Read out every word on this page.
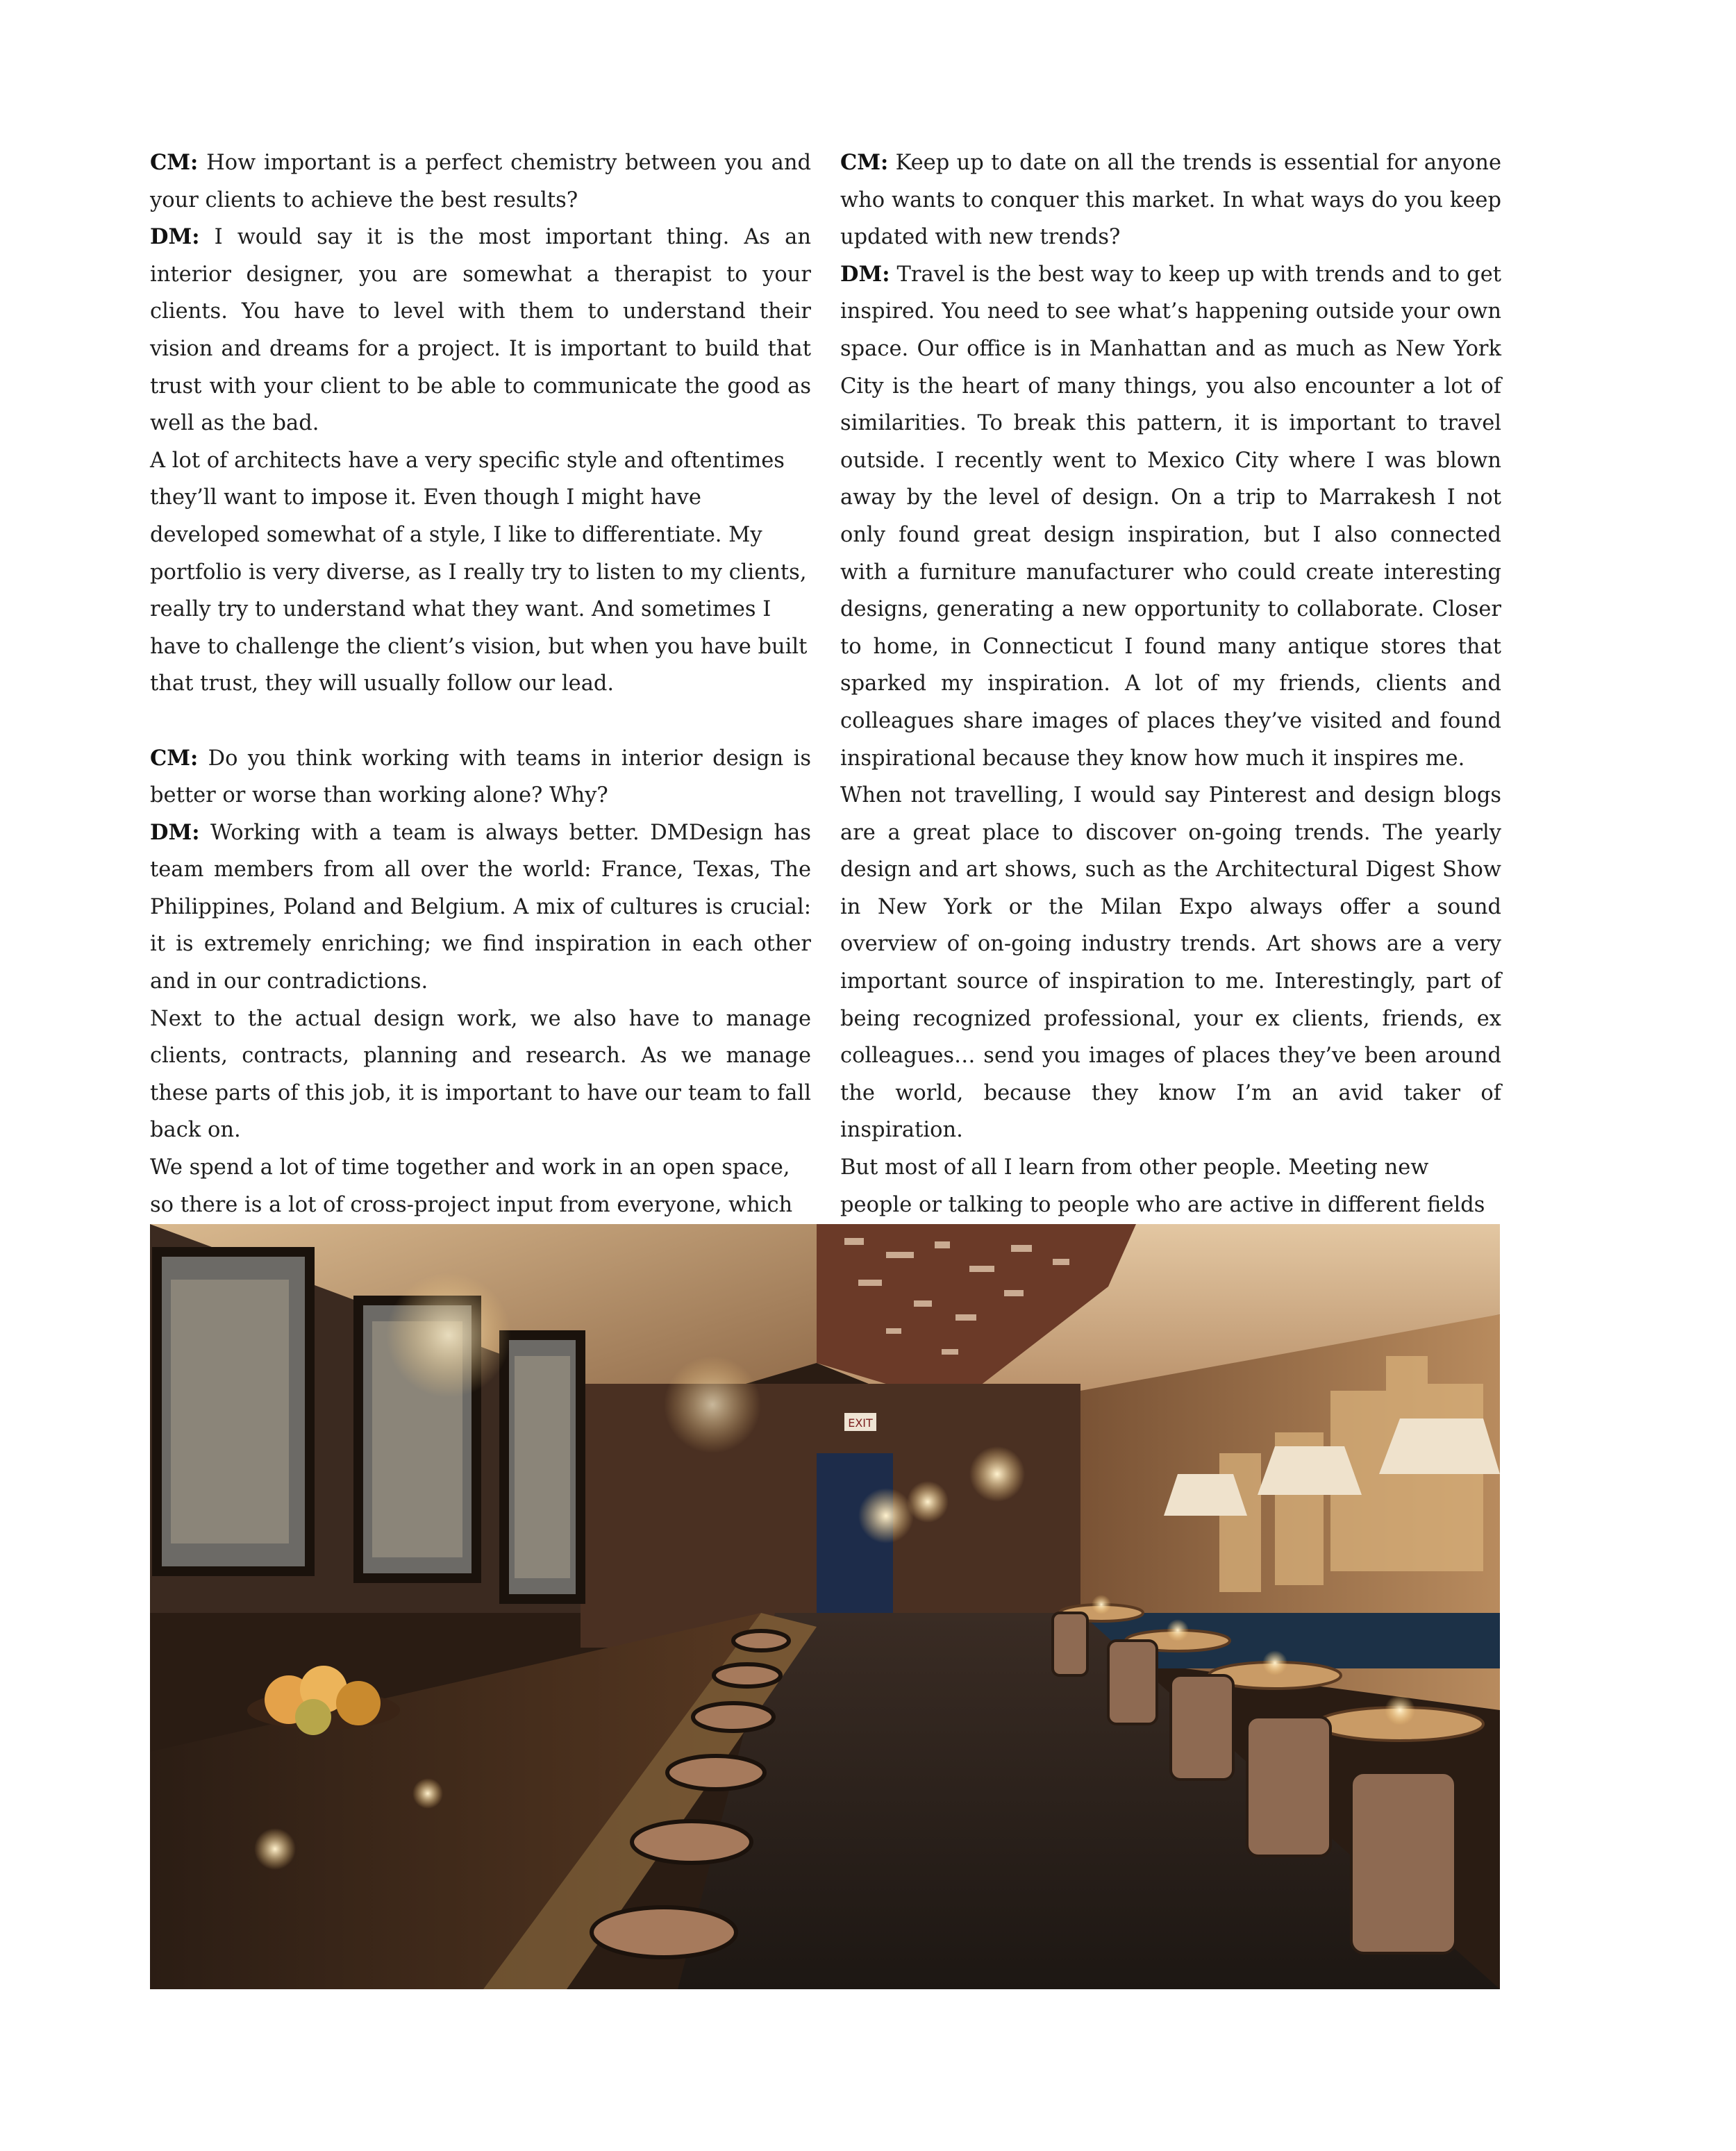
CM: How important is a perfect chemistry between you and your clients to achieve the best results?

DM: I would say it is the most important thing. As an interior designer, you are somewhat a therapist to your clients. You have to level with them to understand their vision and dreams for a project. It is important to build that trust with your client to be able to communicate the good as well as the bad.

A lot of architects have a very specific style and oftentimes they’ll want to impose it. Even though I might have developed somewhat of a style, I like to differentiate. My portfolio is very diverse, as I really try to listen to my clients, really try to understand what they want. And sometimes I have to challenge the client’s vision, but when you have built that trust, they will usually follow our lead.

CM: Do you think working with teams in interior design is better or worse than working alone? Why?

DM: Working with a team is always better. DMDesign has team members from all over the world: France, Texas, The Philippines, Poland and Belgium. A mix of cultures is crucial: it is extremely enriching; we find inspiration in each other and in our contradictions.

Next to the actual design work, we also have to manage clients, contracts, planning and research. As we manage these parts of this job, it is important to have our team to fall back on.

We spend a lot of time together and work in an open space, so there is a lot of cross-project input from everyone, which

CM: Keep up to date on all the trends is essential for anyone who wants to conquer this market. In what ways do you keep updated with new trends?

DM: Travel is the best way to keep up with trends and to get inspired. You need to see what’s happening outside your own space. Our office is in Manhattan and as much as New York City is the heart of many things, you also encounter a lot of similarities. To break this pattern, it is important to travel outside. I recently went to Mexico City where I was blown away by the level of design. On a trip to Marrakesh I not only found great design inspiration, but I also connected with a furniture manufacturer who could create interesting designs, generating a new opportunity to collaborate. Closer to home, in Connecticut I found many antique stores that sparked my inspiration. A lot of my friends, clients and colleagues share images of places they’ve visited and found inspirational because they know how much it inspires me.

When not travelling, I would say Pinterest and design blogs are a great place to discover on-going trends. The yearly design and art shows, such as the Architectural Digest Show in New York or the Milan Expo always offer a sound overview of on-going industry trends. Art shows are a very important source of inspiration to me. Interestingly, part of being recognized professional, your ex clients, friends, ex colleagues… send you images of places they’ve been around the world, because they know I’m an avid taker of inspiration.

But most of all I learn from other people. Meeting new people or talking to people who are active in different fields

EXIT
